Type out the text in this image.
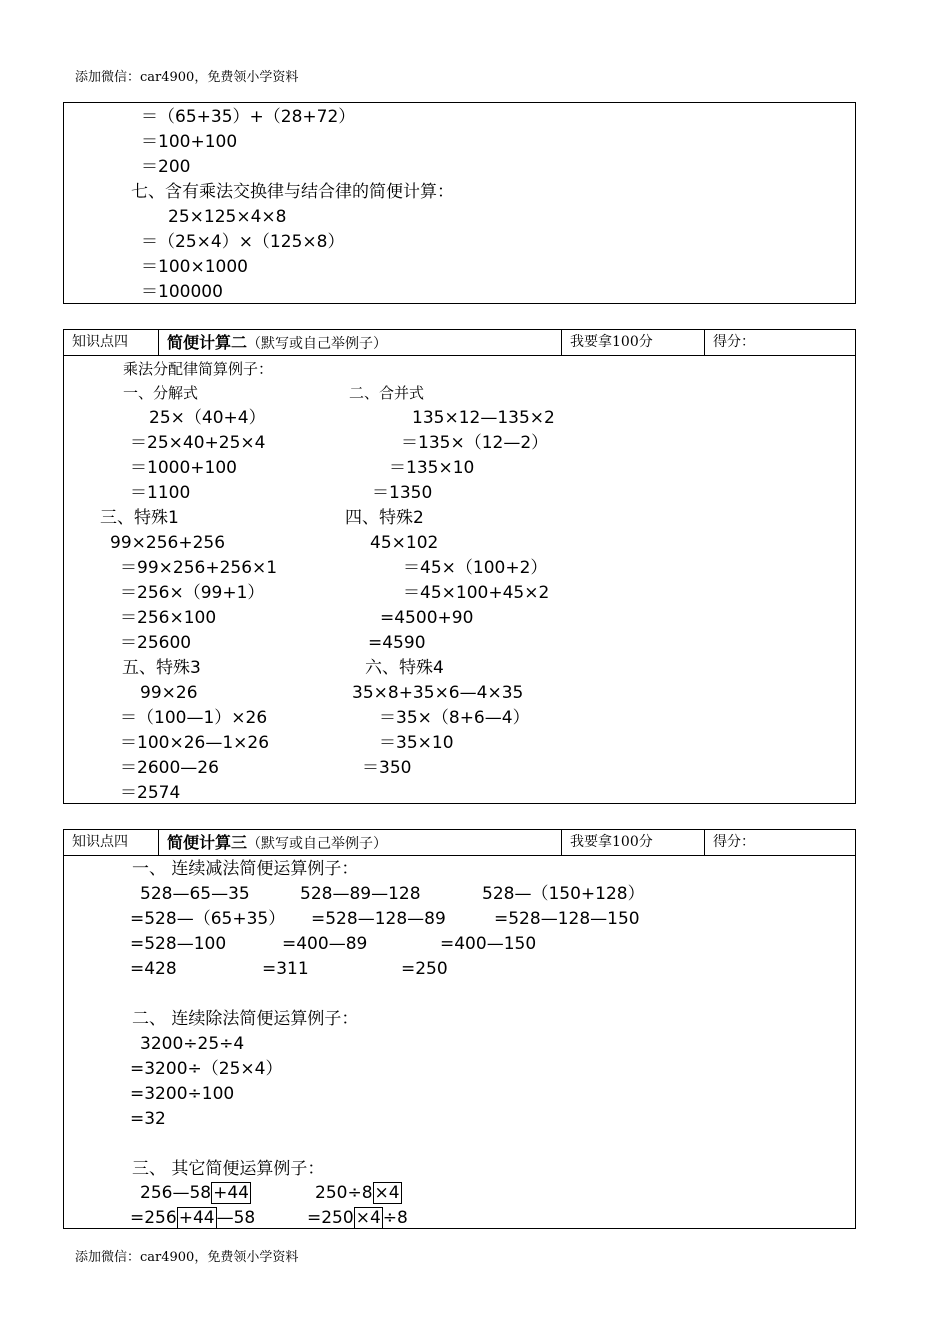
添加微信：car4900，免费领小学资料
＝（65+35）+（28+72）
＝100+100
＝200
七、含有乘法交换律与结合律的简便计算：
25×125×4×8
＝（25×4）×（125×8）
＝100×1000
＝100000
知识点四	简便计算二（默写或自己举例子）	我要拿100分	得分：
乘法分配律简算例子：
一、分解式	二、合并式
25×（40+4）
＝25×40+25×4
＝1000+100
＝1100
135×12—135×2
＝135×（12—2）
＝135×10
＝1350
三、特殊1	四、特殊2
99×256+256
＝99×256+256×1
＝256×（99+1）
＝256×100
＝25600
45×102
＝45×（100+2）
＝45×100+45×2
=4500+90
=4590
五、特殊3	六、特殊4
99×26
＝（100—1）×26
＝100×26—1×26
＝2600—26
＝2574
35×8+35×6—4×35
＝35×（8+6—4）
＝35×10
＝350
知识点四	简便计算三（默写或自己举例子）	我要拿100分	得分：
一、 连续减法简便运算例子：
528—65—35
=528—（65+35）
=528—100
=428
528—89—128
=528—128—89
=400—89
=311
528—（150+128）
=528—128—150
=400—150
=250
二、 连续除法简便运算例子：
3200÷25÷4
=3200÷（25×4）
=3200÷100
=32
三、 其它简便运算例子：
256—58 +44
=256 +44 —58
250÷8 ×4
=250 ×4 ÷8
添加微信：car4900，免费领小学资料
